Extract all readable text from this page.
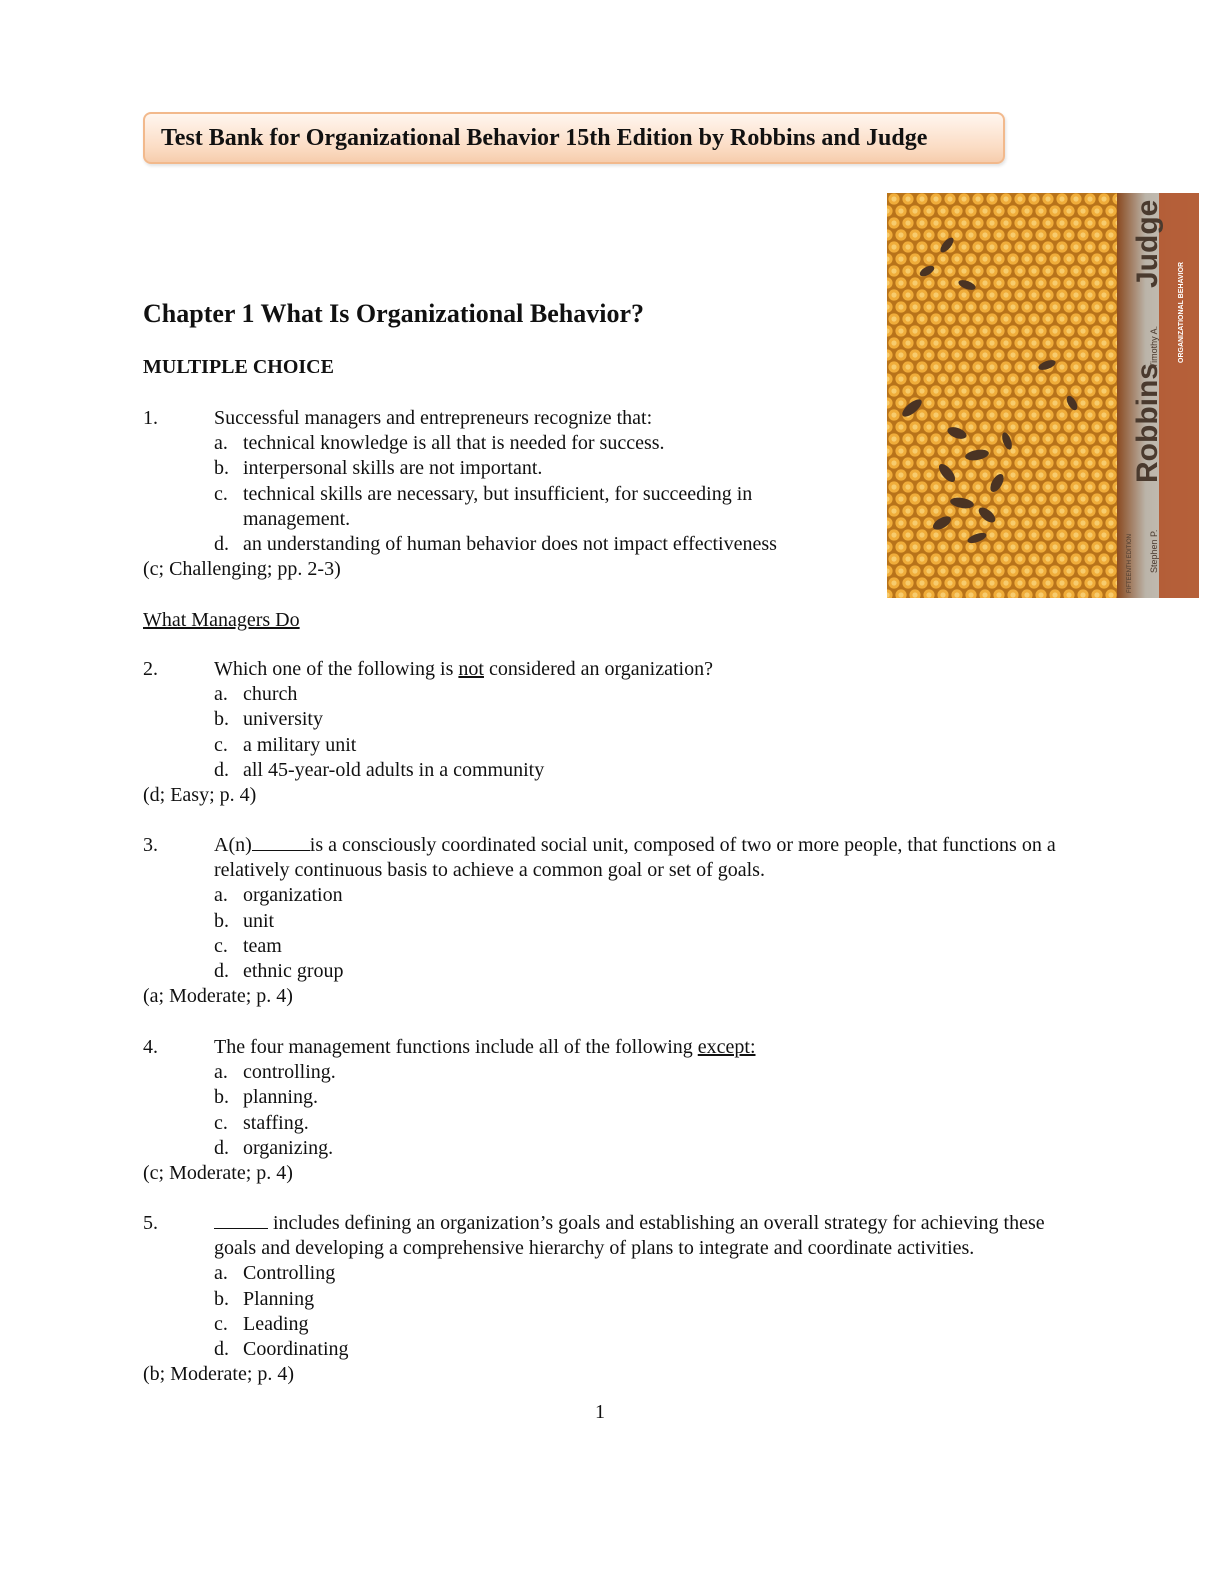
Test Bank for Organizational Behavior 15th Edition by Robbins and Judge
Robbins
Stephen P.
Judge
Timothy A.	ORGANIZATIONAL BEHAVIOR
FIFTEENTH EDITION
Chapter 1 What Is Organizational Behavior?
MULTIPLE CHOICE
What Managers Do
1.	Successful managers and entrepreneurs recognize that:
a. technical knowledge is all that is needed for success.
b. interpersonal skills are not important.
c. technical skills are necessary, but insufficient, for succeeding in management.
d. an understanding of human behavior does not impact effectiveness
(c; Challenging; pp. 2-3)
2.	Which one of the following is not considered an organization?
a. church
b. university
c. a military unit
d. all 45-year-old adults in a community
(d; Easy; p. 4)
3.	A(n)	is a consciously coordinated social unit, composed of two or more people, that functions on a relatively continuous basis to achieve a common goal or set of goals.
a. organization
b. unit
c. team
d. ethnic group
(a; Moderate; p. 4)
4.	The four management functions include all of the following except:
a. controlling.
b. planning.
c. staffing.
d. organizing.
(c; Moderate; p. 4)
5.	includes defining an organization’s goals and establishing an overall strategy for achieving these goals and developing a comprehensive hierarchy of plans to integrate and coordinate activities.
a. Controlling
b. Planning
c. Leading
d. Coordinating
(b; Moderate; p. 4)
1
